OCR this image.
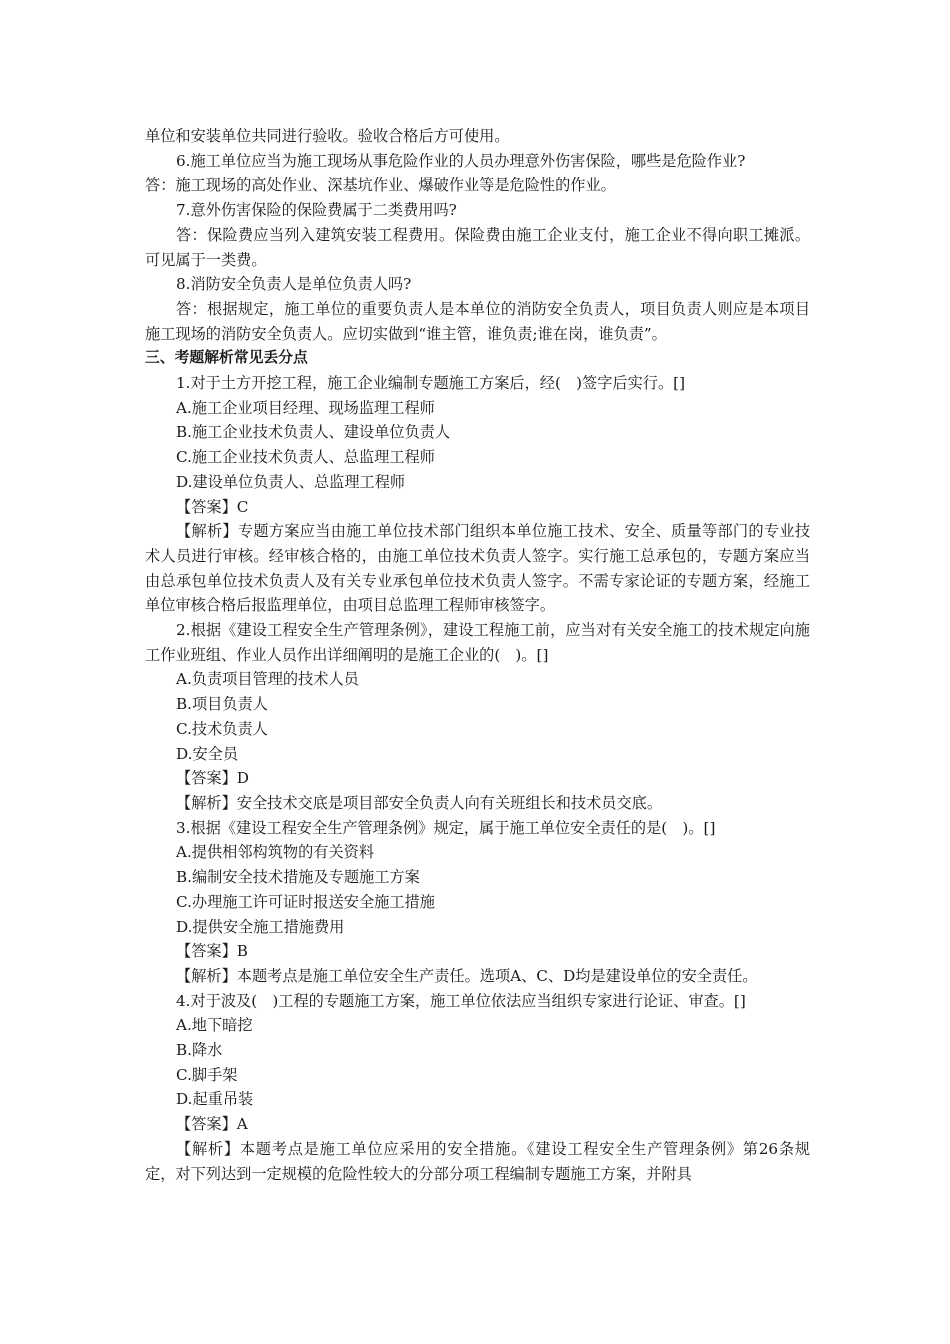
单位和安装单位共同进行验收。验收合格后方可使用。

6.施工单位应当为施工现场从事危险作业的人员办理意外伤害保险，哪些是危险作业?

答：施工现场的高处作业、深基坑作业、爆破作业等是危险性的作业。

7.意外伤害保险的保险费属于二类费用吗?

答：保险费应当列入建筑安装工程费用。保险费由施工企业支付，施工企业不得向职工摊派。可见属于一类费。

8.消防安全负责人是单位负责人吗?

答：根据规定，施工单位的重要负责人是本单位的消防安全负责人，项目负责人则应是本项目施工现场的消防安全负责人。应切实做到“谁主管，谁负责;谁在岗，谁负责”。

三、考题解析常见丢分点

1.对于土方开挖工程，施工企业编制专题施工方案后，经(　)签字后实行。[]

A.施工企业项目经理、现场监理工程师

B.施工企业技术负责人、建设单位负责人

C.施工企业技术负责人、总监理工程师

D.建设单位负责人、总监理工程师

【答案】C

【解析】专题方案应当由施工单位技术部门组织本单位施工技术、安全、质量等部门的专业技术人员进行审核。经审核合格的，由施工单位技术负责人签字。实行施工总承包的，专题方案应当由总承包单位技术负责人及有关专业承包单位技术负责人签字。不需专家论证的专题方案，经施工单位审核合格后报监理单位，由项目总监理工程师审核签字。

2.根据《建设工程安全生产管理条例》，建设工程施工前，应当对有关安全施工的技术规定向施工作业班组、作业人员作出详细阐明的是施工企业的(　)。[]

A.负责项目管理的技术人员

B.项目负责人

C.技术负责人

D.安全员

【答案】D

【解析】安全技术交底是项目部安全负责人向有关班组长和技术员交底。

3.根据《建设工程安全生产管理条例》规定，属于施工单位安全责任的是(　)。[]

A.提供相邻构筑物的有关资料

B.编制安全技术措施及专题施工方案

C.办理施工许可证时报送安全施工措施

D.提供安全施工措施费用

【答案】B

【解析】本题考点是施工单位安全生产责任。选项A、C、D均是建设单位的安全责任。

4.对于波及(　)工程的专题施工方案，施工单位依法应当组织专家进行论证、审查。[]

A.地下暗挖

B.降水

C.脚手架

D.起重吊装

【答案】A

【解析】本题考点是施工单位应采用的安全措施。《建设工程安全生产管理条例》第26条规定，对下列达到一定规模的危险性较大的分部分项工程编制专题施工方案，并附具
